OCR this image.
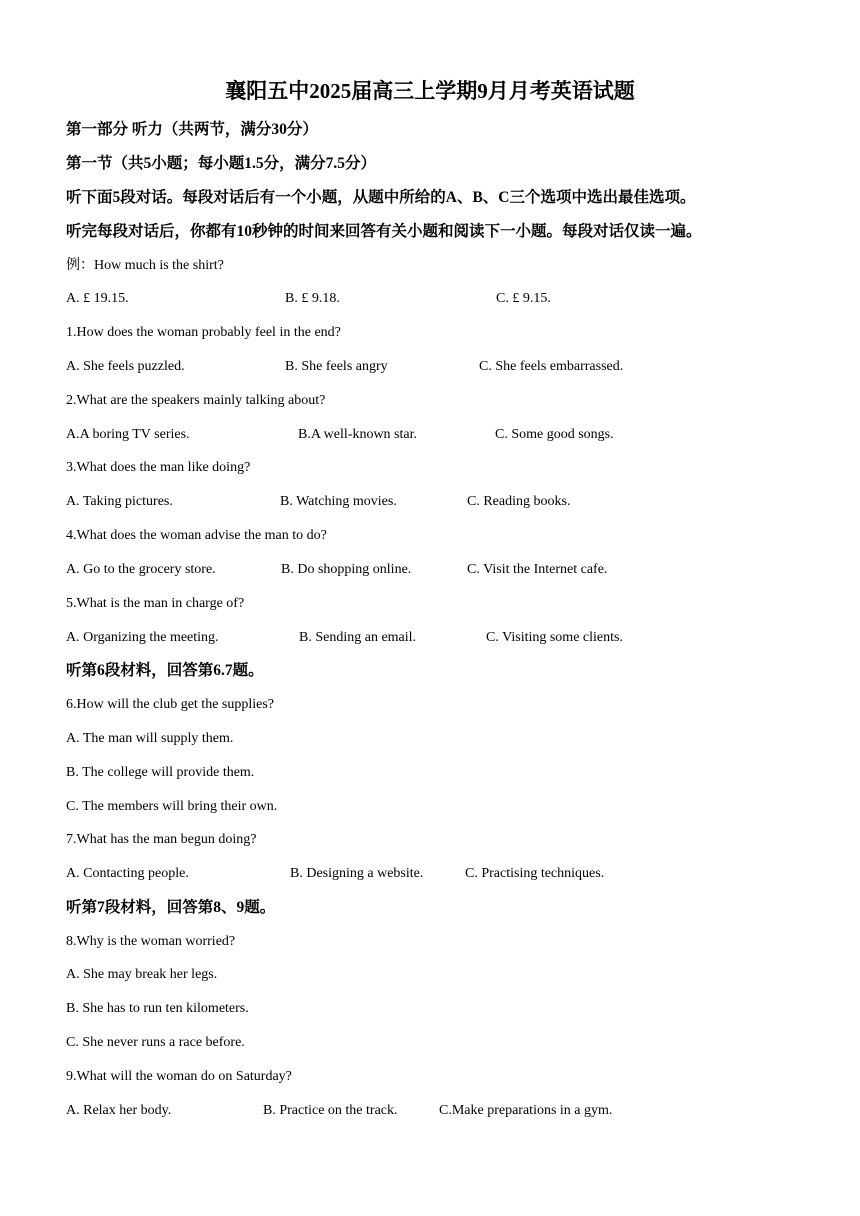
襄阳五中2025届高三上学期9月月考英语试题
第一部分 听力（共两节，满分30分）
第一节（共5小题；每小题1.5分，满分7.5分）
听下面5段对话。每段对话后有一个小题，从题中所给的A、B、C三个选项中选出最佳选项。
听完每段对话后，你都有10秒钟的时间来回答有关小题和阅读下一小题。每段对话仅读一遍。
例：How much is the shirt?
A. £ 19.15.	B. £ 9.18.	C. £ 9.15.
1.How does the woman probably feel in the end?
A. She feels puzzled.	B. She feels angry	C. She feels embarrassed.
2.What are the speakers mainly talking about?
A.A boring TV series.	B.A well-known star.	C. Some good songs.
3.What does the man like doing?
A. Taking pictures.	B. Watching movies.	C. Reading books.
4.What does the woman advise the man to do?
A. Go to the grocery store.	B. Do shopping online.	C. Visit the Internet cafe.
5.What is the man in charge of?
A. Organizing the meeting.	B. Sending an email.	C. Visiting some clients.
听第6段材料，回答第6.7题。
6.How will the club get the supplies?
A. The man will supply them.
B. The college will provide them.
C. The members will bring their own.
7.What has the man begun doing?
A. Contacting people.	B. Designing a website.	C. Practising techniques.
听第7段材料，回答第8、9题。
8.Why is the woman worried?
A. She may break her legs.
B. She has to run ten kilometers.
C. She never runs a race before.
9.What will the woman do on Saturday?
A. Relax her body.	B. Practice on the track.	C.Make preparations in a gym.
